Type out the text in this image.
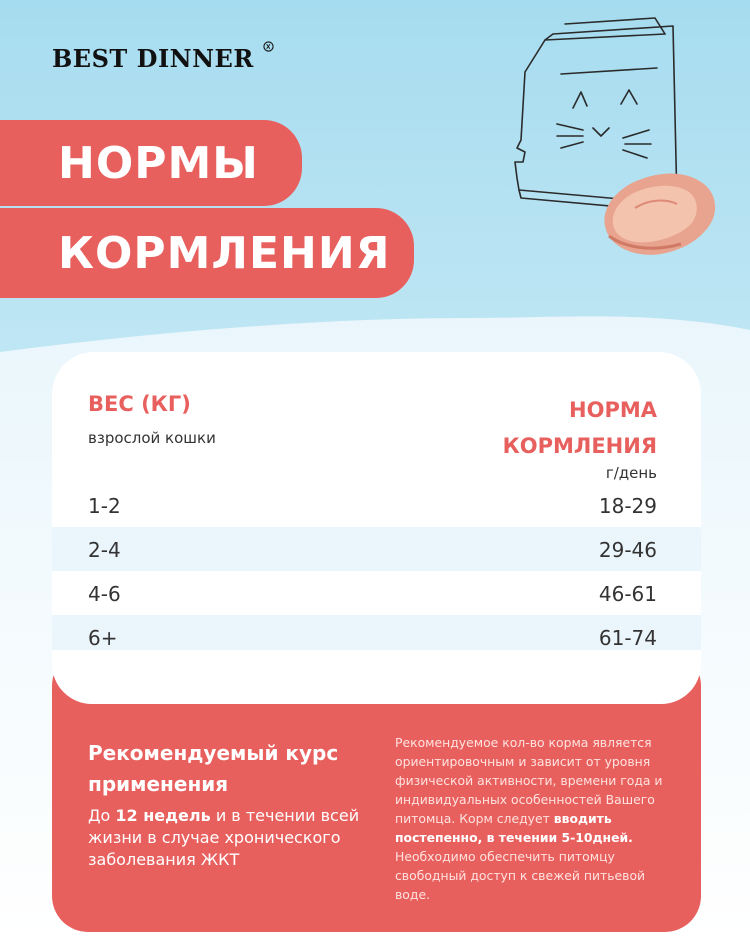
BEST DINNER
НОРМЫ
КОРМЛЕНИЯ
ВЕС (КГ)
взрослой кошки
НОРМА
КОРМЛЕНИЯ
г/день
1-2	18-29
2-4	29-46
4-6	46-61
6+	61-74
Рекомендуемый курс применения
До 12 недель и в течении всей жизни в случае хронического заболевания ЖКТ
Рекомендуемое кол-во корма является ориентировочным и зависит от уровня физической активности, времени года и индивидуальных особенностей Вашего питомца. Корм следует вводить постепенно, в течении 5-10дней. Необходимо обеспечить питомцу свободный доступ к свежей питьевой воде.
